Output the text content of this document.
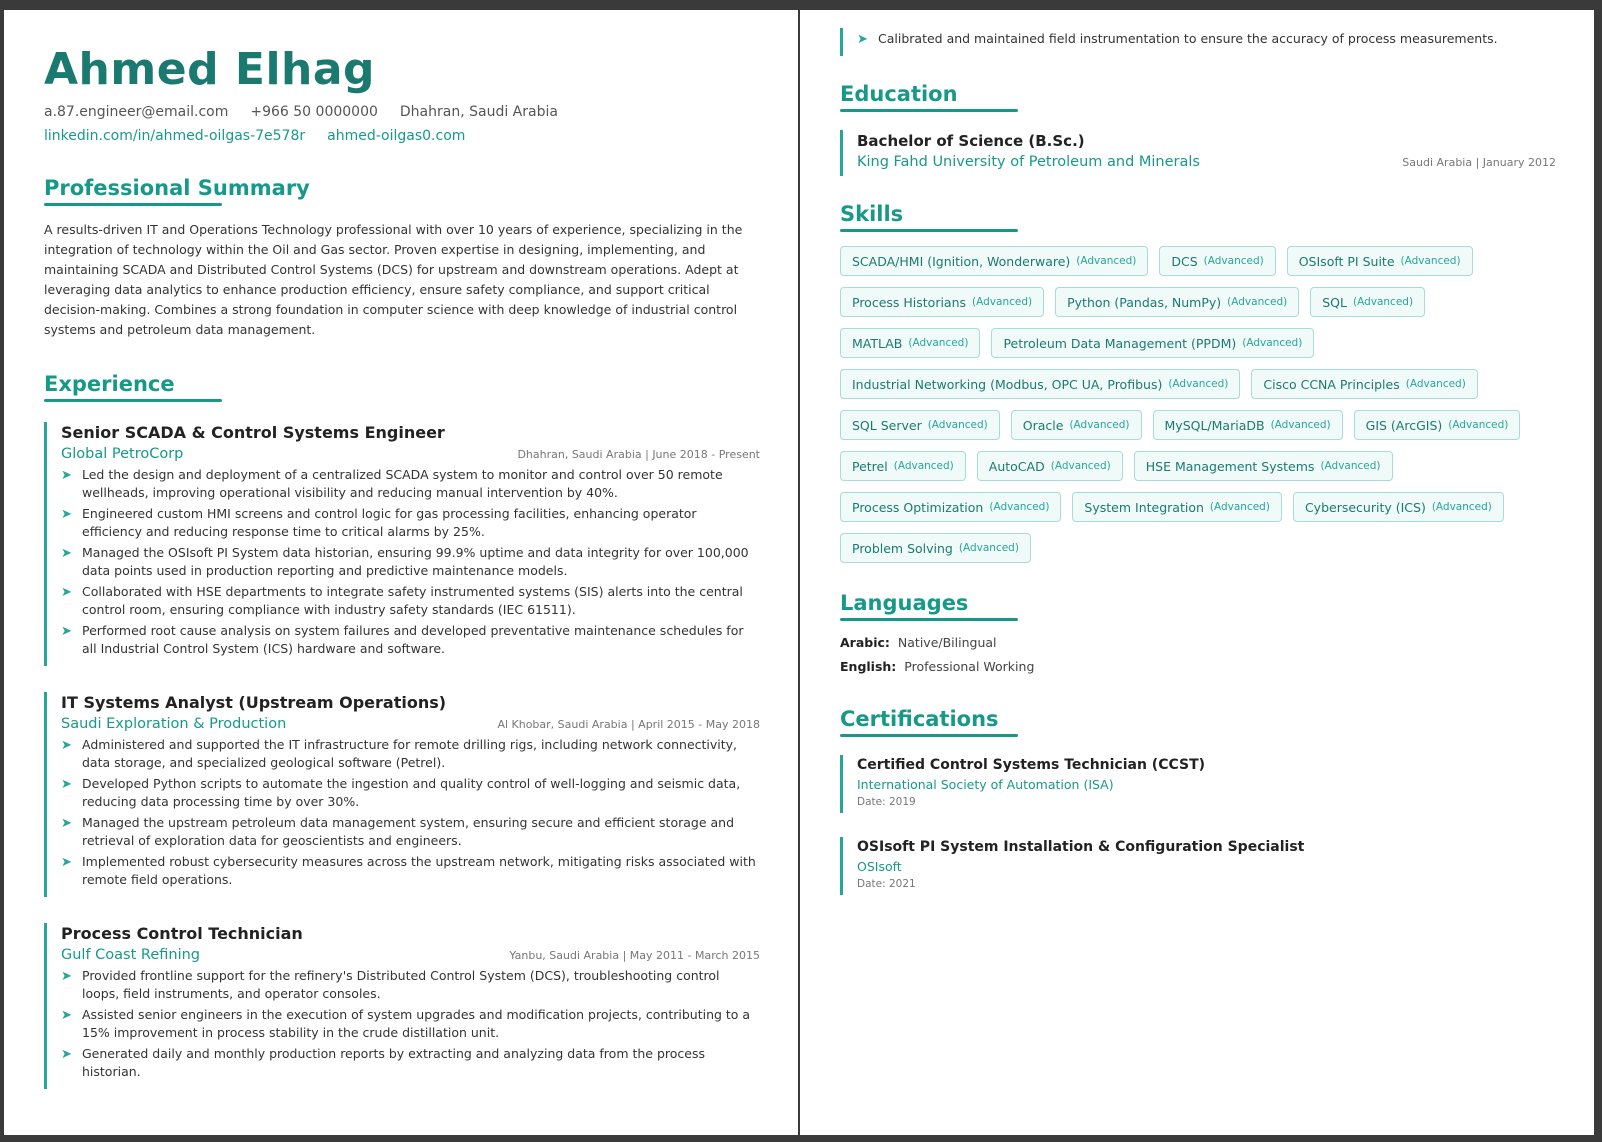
Ahmed Elhag
a.87.engineer@email.com +966 50 0000000 Dhahran, Saudi Arabia
linkedin.com/in/ahmed-oilgas-7e578r ahmed-oilgas0.com
Professional Summary

A results-driven IT and Operations Technology professional with over 10 years of experience, specializing in the integration of technology within the Oil and Gas sector. Proven expertise in designing, implementing, and maintaining SCADA and Distributed Control Systems (DCS) for upstream and downstream operations. Adept at leveraging data analytics to enhance production efficiency, ensure safety compliance, and support critical decision-making. Combines a strong foundation in computer science with deep knowledge of industrial control systems and petroleum data management.

Experience
Senior SCADA & Control Systems Engineer
Global PetroCorp	Dhahran, Saudi Arabia | June 2018 - Present
➤ Led the design and deployment of a centralized SCADA system to monitor and control over 50 remote wellheads, improving operational visibility and reducing manual intervention by 40%.
➤ Engineered custom HMI screens and control logic for gas processing facilities, enhancing operator efficiency and reducing response time to critical alarms by 25%.
➤ Managed the OSIsoft PI System data historian, ensuring 99.9% uptime and data integrity for over 100,000 data points used in production reporting and predictive maintenance models.
➤ Collaborated with HSE departments to integrate safety instrumented systems (SIS) alerts into the central control room, ensuring compliance with industry safety standards (IEC 61511).
➤ Performed root cause analysis on system failures and developed preventative maintenance schedules for all Industrial Control System (ICS) hardware and software.
IT Systems Analyst (Upstream Operations)
Saudi Exploration & Production	Al Khobar, Saudi Arabia | April 2015 - May 2018
➤ Administered and supported the IT infrastructure for remote drilling rigs, including network connectivity, data storage, and specialized geological software (Petrel).
➤ Developed Python scripts to automate the ingestion and quality control of well-logging and seismic data, reducing data processing time by over 30%.
➤ Managed the upstream petroleum data management system, ensuring secure and efficient storage and retrieval of exploration data for geoscientists and engineers.
➤ Implemented robust cybersecurity measures across the upstream network, mitigating risks associated with remote field operations.
Process Control Technician
Gulf Coast Refining	Yanbu, Saudi Arabia | May 2011 - March 2015
➤ Provided frontline support for the refinery's Distributed Control System (DCS), troubleshooting control loops, field instruments, and operator consoles.
➤ Assisted senior engineers in the execution of system upgrades and modification projects, contributing to a 15% improvement in process stability in the crude distillation unit.
➤ Generated daily and monthly production reports by extracting and analyzing data from the process historian.
➤ Calibrated and maintained field instrumentation to ensure the accuracy of process measurements.
Education
Bachelor of Science (B.Sc.)
King Fahd University of Petroleum and Minerals	Saudi Arabia | January 2012
Skills
SCADA/HMI (Ignition, Wonderware) (Advanced)	DCS (Advanced)	OSIsoft PI Suite (Advanced)
Process Historians (Advanced)	Python (Pandas, NumPy) (Advanced)	SQL (Advanced)
MATLAB (Advanced)	Petroleum Data Management (PPDM) (Advanced)
Industrial Networking (Modbus, OPC UA, Profibus) (Advanced)	Cisco CCNA Principles (Advanced)
SQL Server (Advanced)	Oracle (Advanced)	MySQL/MariaDB (Advanced)	GIS (ArcGIS) (Advanced)
Petrel (Advanced)	AutoCAD (Advanced)	HSE Management Systems (Advanced)
Process Optimization (Advanced)	System Integration (Advanced)	Cybersecurity (ICS) (Advanced)
Problem Solving (Advanced)
Languages
Arabic: Native/Bilingual
English: Professional Working
Certifications
Certified Control Systems Technician (CCST)
International Society of Automation (ISA)
Date: 2019
OSIsoft PI System Installation & Configuration Specialist
OSIsoft
Date: 2021
